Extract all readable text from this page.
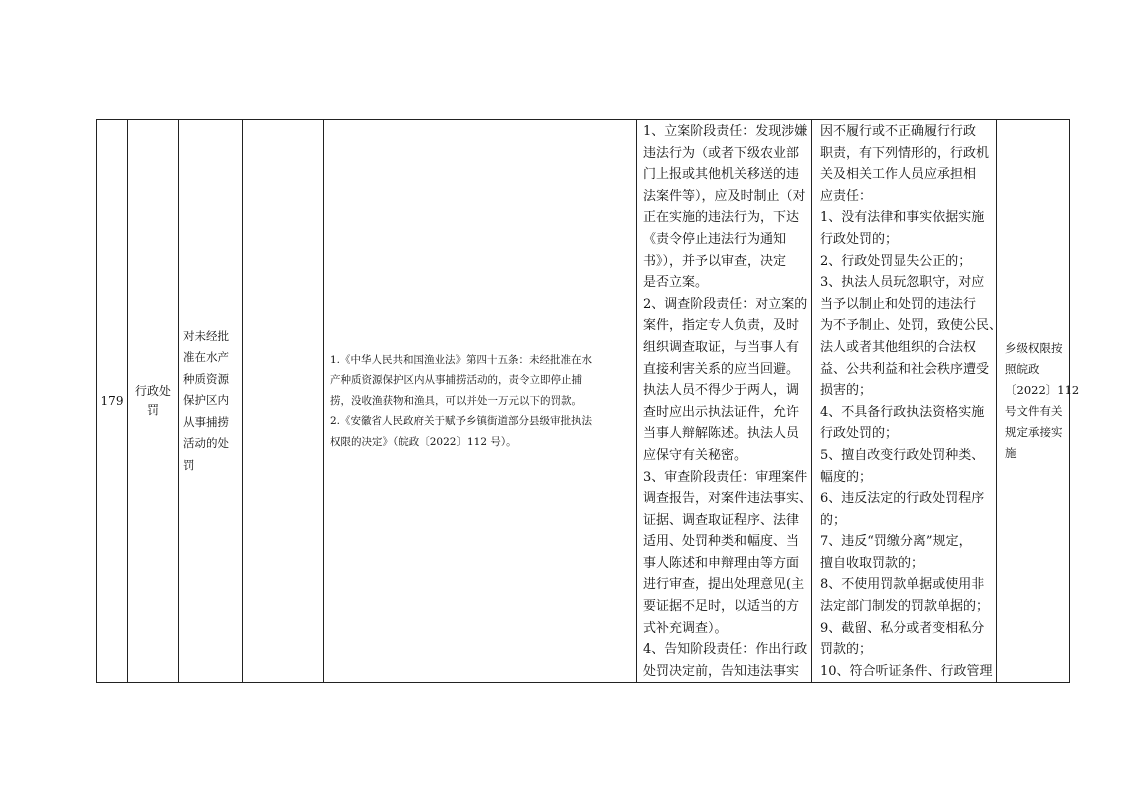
179	
行政处
罚

对未经批
准在水产
种质资源
保护区内
从事捕捞
活动的处
罚

1.《中华人民共和国渔业法》第四十五条：未经批准在水
产种质资源保护区内从事捕捞活动的，责令立即停止捕
捞，没收渔获物和渔具，可以并处一万元以下的罚款。
2.《安徽省人民政府关于赋予乡镇街道部分县级审批执法
权限的决定》（皖政〔2022〕112 号）。

1、立案阶段责任：发现涉嫌
违法行为（或者下级农业部
门上报或其他机关移送的违
法案件等），应及时制止（对
正在实施的违法行为，下达
《责令停止违法行为通知
书》），并予以审查，决定
是否立案。
2、调查阶段责任：对立案的
案件，指定专人负责，及时
组织调查取证，与当事人有
直接利害关系的应当回避。
执法人员不得少于两人，调
查时应出示执法证件，允许
当事人辩解陈述。执法人员
应保守有关秘密。
3、审查阶段责任：审理案件
调查报告，对案件违法事实、
证据、调查取证程序、法律
适用、处罚种类和幅度、当
事人陈述和申辩理由等方面
进行审查，提出处理意见(主
要证据不足时，以适当的方
式补充调查）。
4、告知阶段责任：作出行政
处罚决定前，告知违法事实

因不履行或不正确履行行政
职责，有下列情形的，行政机
关及相关工作人员应承担相
应责任：
1、没有法律和事实依据实施
行政处罚的；
2、行政处罚显失公正的；
3、执法人员玩忽职守，对应
当予以制止和处罚的违法行
为不予制止、处罚，致使公民、
法人或者其他组织的合法权
益、公共利益和社会秩序遭受
损害的；
4、不具备行政执法资格实施
行政处罚的；
5、擅自改变行政处罚种类、
幅度的；
6、违反法定的行政处罚程序
的；
7、违反“罚缴分离”规定，
擅自收取罚款的；
8、不使用罚款单据或使用非
法定部门制发的罚款单据的；
9、截留、私分或者变相私分
罚款的；
10、符合听证条件、行政管理

乡级权限按
照皖政
〔2022〕112
号文件有关
规定承接实
施
